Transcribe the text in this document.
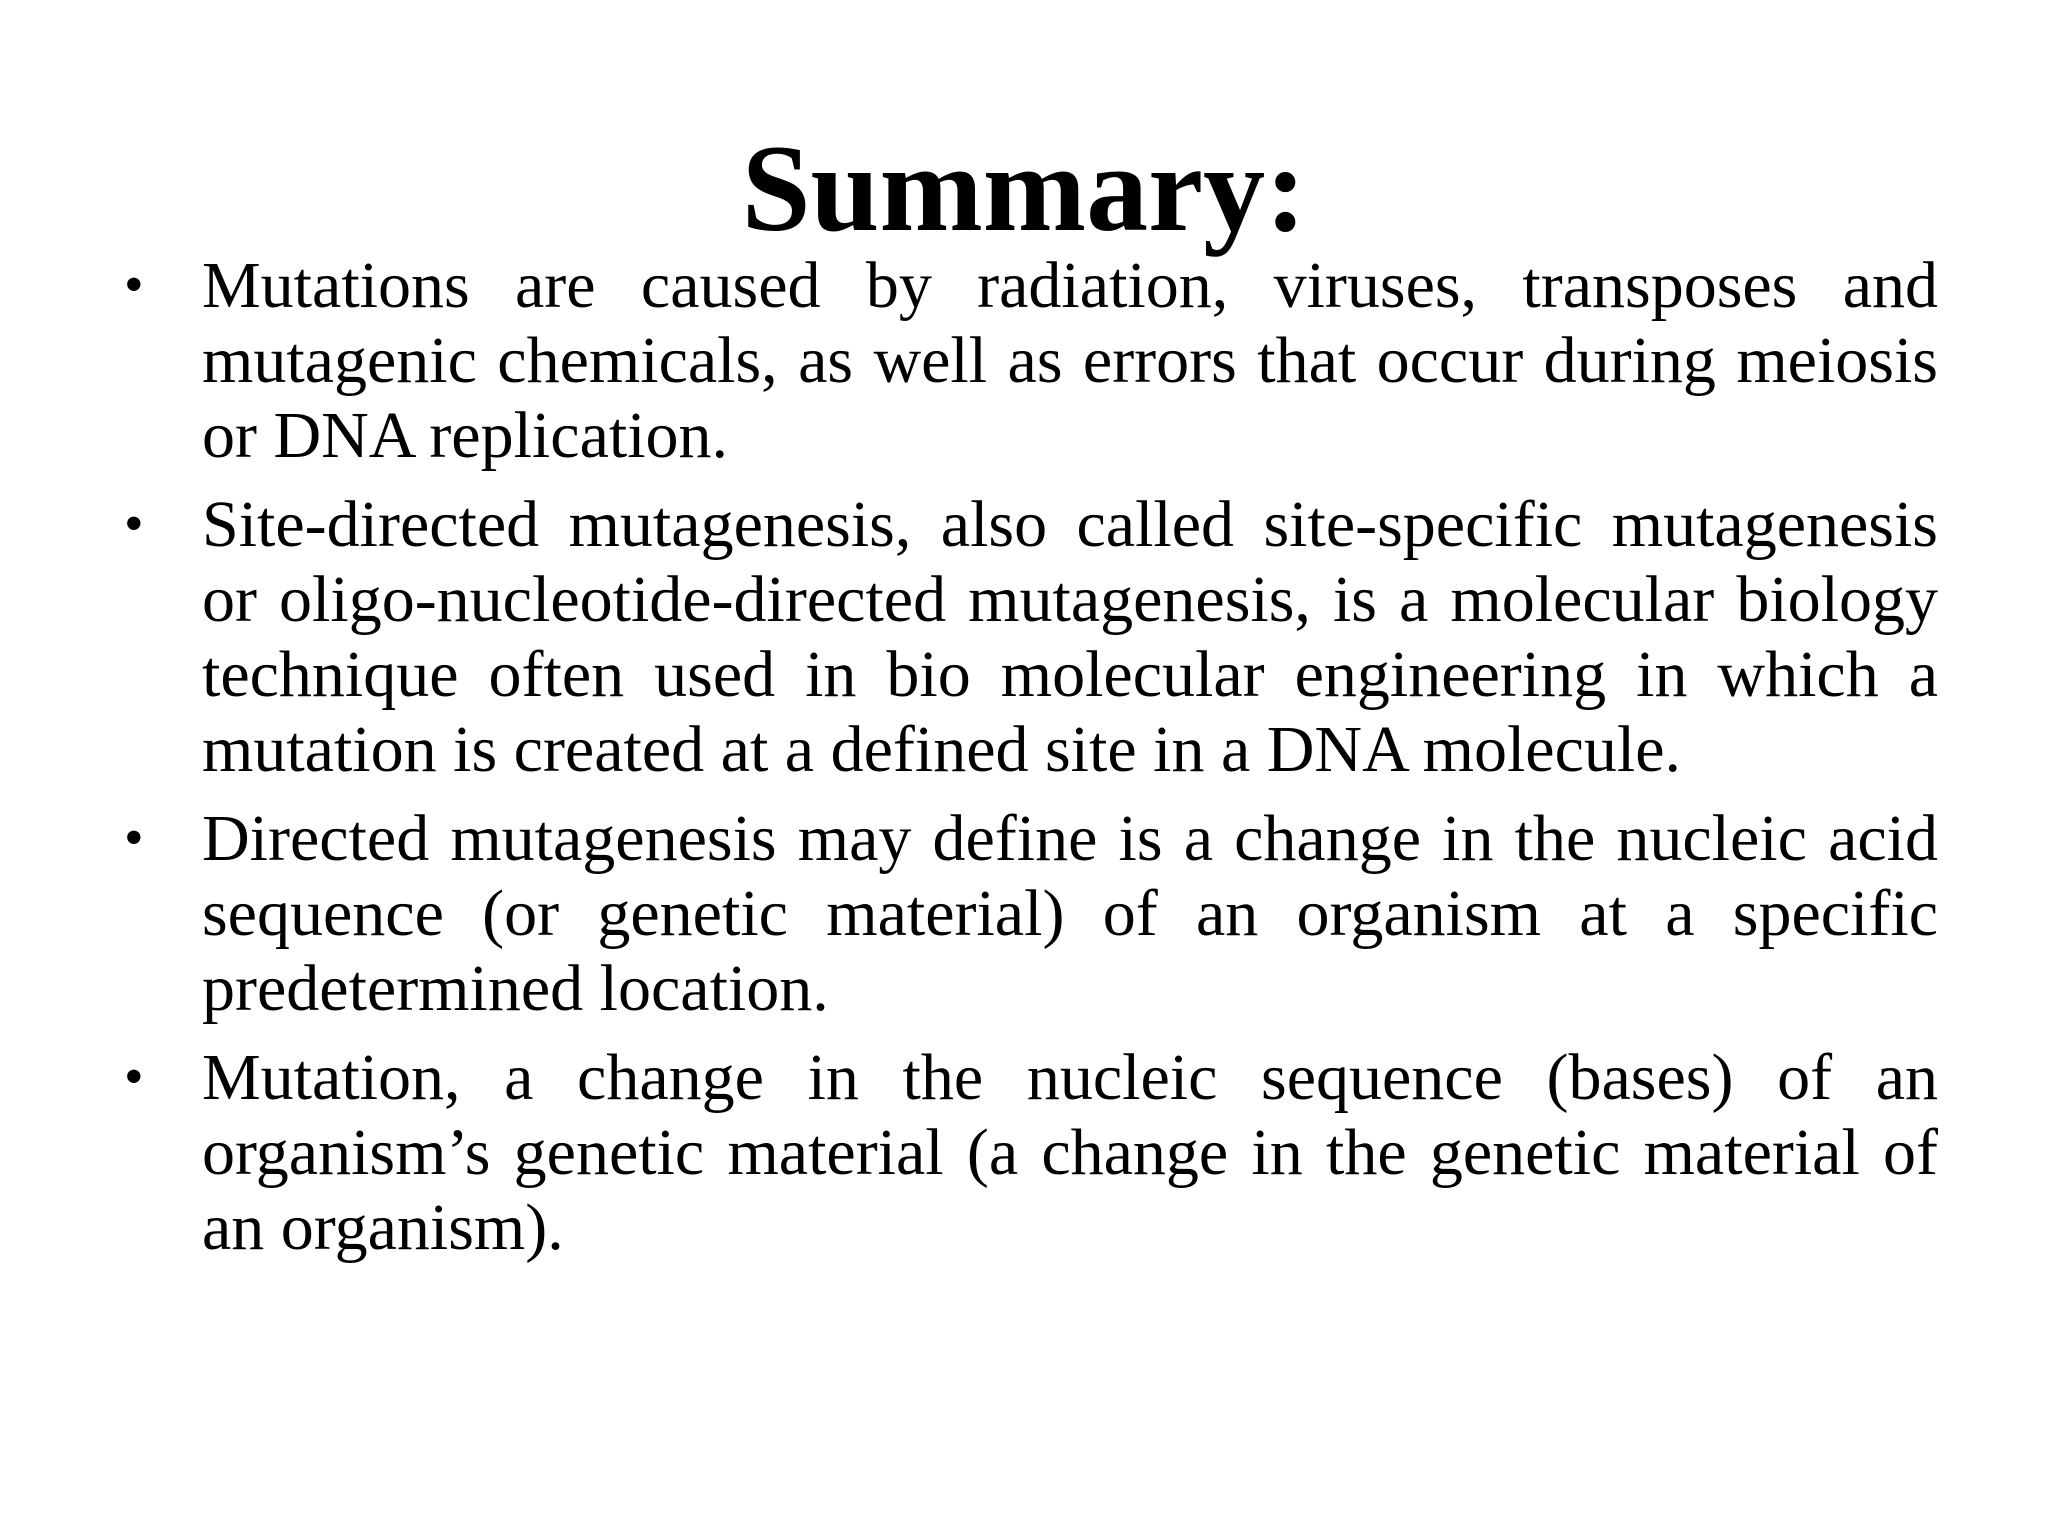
Summary:
• Mutations are caused by radiation, viruses, transposes and mutagenic chemicals, as well as errors that occur during meiosis or DNA replication.
• Site-directed mutagenesis, also called site-specific mutagenesis or oligo-nucleotide-directed mutagenesis, is a molecular biology technique often used in bio molecular engineering in which a mutation is created at a defined site in a DNA molecule.
• Directed mutagenesis may define is a change in the nucleic acid sequence (or genetic material) of an organism at a specific predetermined location.
• Mutation, a change in the nucleic sequence (bases) of an organism’s genetic material (a change in the genetic material of an organism).
